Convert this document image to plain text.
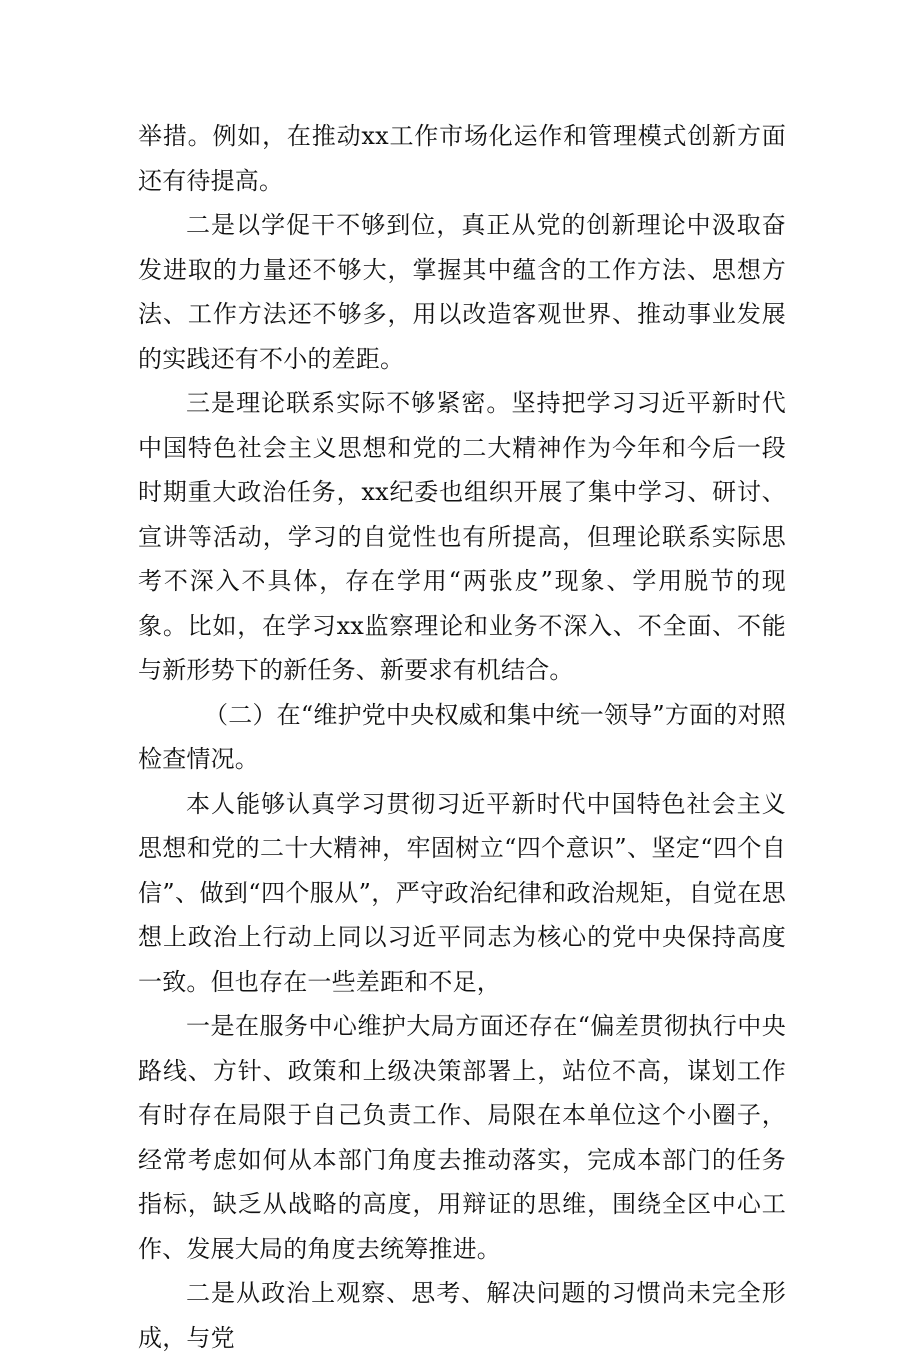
举措。例如，在推动xx工作市场化运作和管理模式创新方面还有待提高。

二是以学促干不够到位，真正从党的创新理论中汲取奋发进取的力量还不够大，掌握其中蕴含的工作方法、思想方法、工作方法还不够多，用以改造客观世界、推动事业发展的实践还有不小的差距。

三是理论联系实际不够紧密。坚持把学习习近平新时代中国特色社会主义思想和党的二大精神作为今年和今后一段时期重大政治任务，xx纪委也组织开展了集中学习、研讨、宣讲等活动，学习的自觉性也有所提高，但理论联系实际思考不深入不具体，存在学用“两张皮”现象、学用脱节的现象。比如，在学习xx监察理论和业务不深入、不全面、不能与新形势下的新任务、新要求有机结合。

（二）在“维护党中央权威和集中统一领导”方面的对照检查情况。

本人能够认真学习贯彻习近平新时代中国特色社会主义思想和党的二十大精神，牢固树立“四个意识”、坚定“四个自信”、做到“四个服从”，严守政治纪律和政治规矩，自觉在思想上政治上行动上同以习近平同志为核心的党中央保持高度一致。但也存在一些差距和不足，

一是在服务中心维护大局方面还存在“偏差贯彻执行中央路线、方针、政策和上级决策部署上，站位不高，谋划工作有时存在局限于自己负责工作、局限在本单位这个小圈子，经常考虑如何从本部门角度去推动落实，完成本部门的任务指标，缺乏从战略的高度，用辩证的思维，围绕全区中心工作、发展大局的角度去统筹推进。

二是从政治上观察、思考、解决问题的习惯尚未完全形成，与党
